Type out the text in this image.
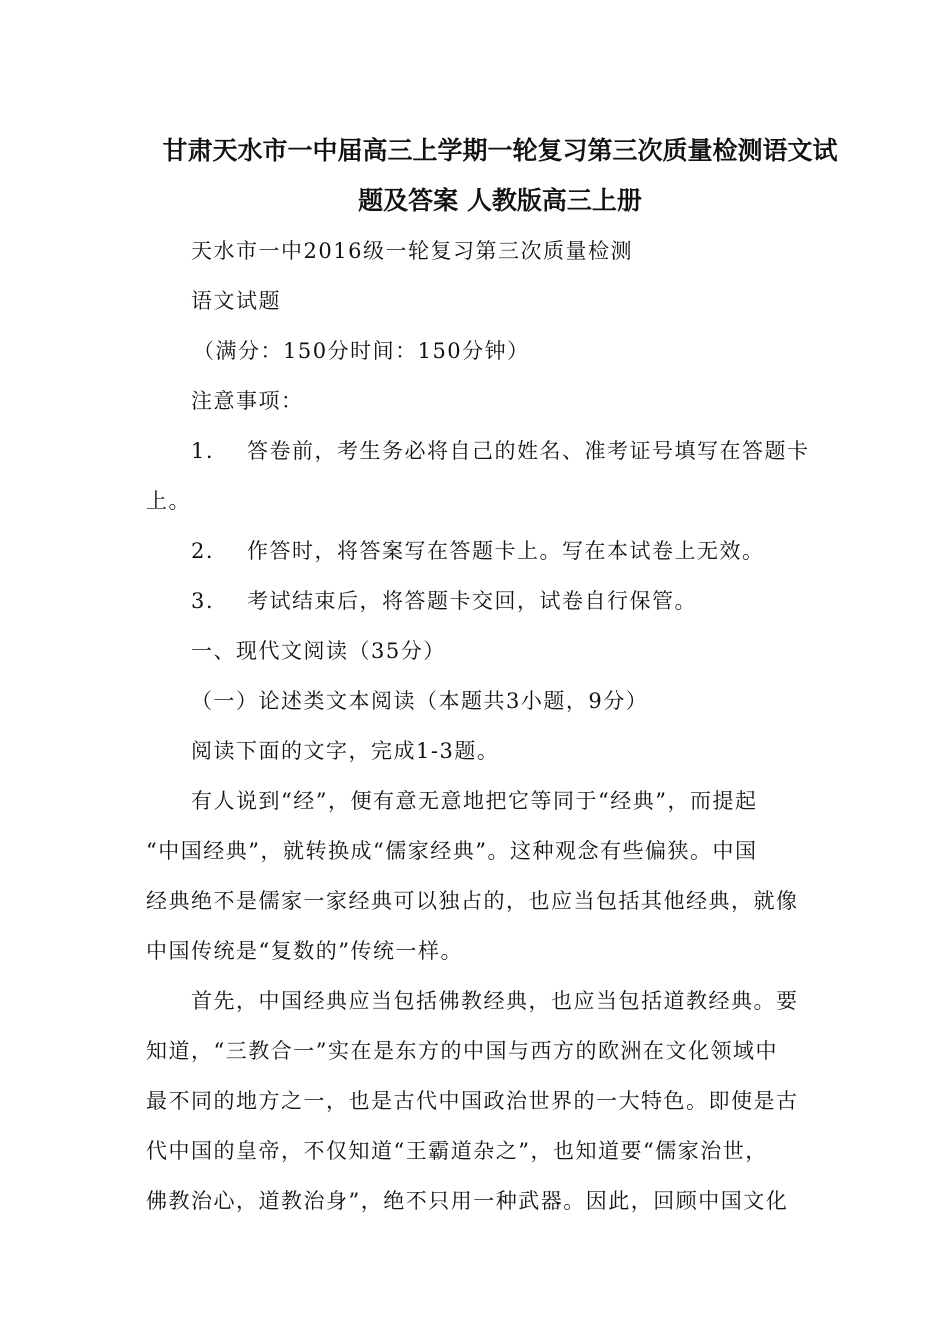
甘肃天水市一中届高三上学期一轮复习第三次质量检测语文试
题及答案 人教版高三上册
天水市一中2016级一轮复习第三次质量检测
语文试题
（满分：150分时间：150分钟）
注意事项：
1. 答卷前，考生务必将自己的姓名、准考证号填写在答题卡
上。
2. 作答时，将答案写在答题卡上。写在本试卷上无效。
3. 考试结束后，将答题卡交回，试卷自行保管。
一、现代文阅读（35分）
（一）论述类文本阅读（本题共3小题，9分）
阅读下面的文字，完成1-3题。
有人说到“经”，便有意无意地把它等同于“经典”，而提起
“中国经典”，就转换成“儒家经典”。这种观念有些偏狭。中国
经典绝不是儒家一家经典可以独占的，也应当包括其他经典，就像
中国传统是“复数的”传统一样。
首先，中国经典应当包括佛教经典，也应当包括道教经典。要
知道，“三教合一”实在是东方的中国与西方的欧洲在文化领域中
最不同的地方之一，也是古代中国政治世界的一大特色。即使是古
代中国的皇帝，不仅知道“王霸道杂之”，也知道要“儒家治世，
佛教治心，道教治身”，绝不只用一种武器。因此，回顾中国文化
